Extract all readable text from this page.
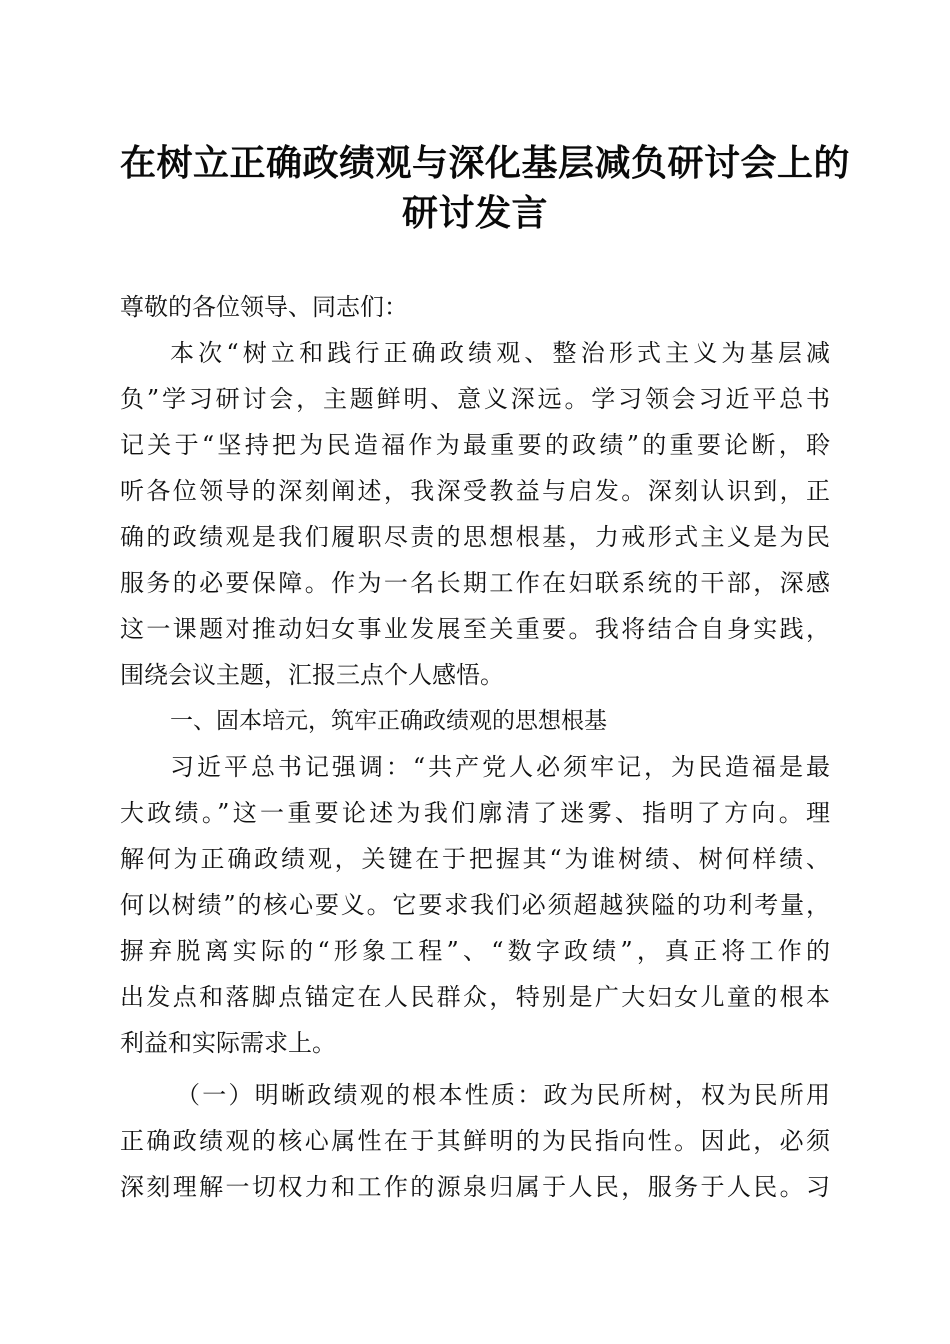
在树立正确政绩观与深化基层减负研讨会上的
研讨发言
尊敬的各位领导、同志们：
本次“树立和践行正确政绩观、整治形式主义为基层减
负”学习研讨会，主题鲜明、意义深远。学习领会习近平总书
记关于“坚持把为民造福作为最重要的政绩”的重要论断，聆
听各位领导的深刻阐述，我深受教益与启发。深刻认识到，正
确的政绩观是我们履职尽责的思想根基，力戒形式主义是为民
服务的必要保障。作为一名长期工作在妇联系统的干部，深感
这一课题对推动妇女事业发展至关重要。我将结合自身实践，
围绕会议主题，汇报三点个人感悟。
一、固本培元，筑牢正确政绩观的思想根基
习近平总书记强调：“共产党人必须牢记，为民造福是最
大政绩。”这一重要论述为我们廓清了迷雾、指明了方向。理
解何为正确政绩观，关键在于把握其“为谁树绩、树何样绩、
何以树绩”的核心要义。它要求我们必须超越狭隘的功利考量，
摒弃脱离实际的“形象工程”、“数字政绩”，真正将工作的
出发点和落脚点锚定在人民群众，特别是广大妇女儿童的根本
利益和实际需求上。
（一）明晰政绩观的根本性质：政为民所树，权为民所用
正确政绩观的核心属性在于其鲜明的为民指向性。因此，必须
深刻理解一切权力和工作的源泉归属于人民，服务于人民。习
